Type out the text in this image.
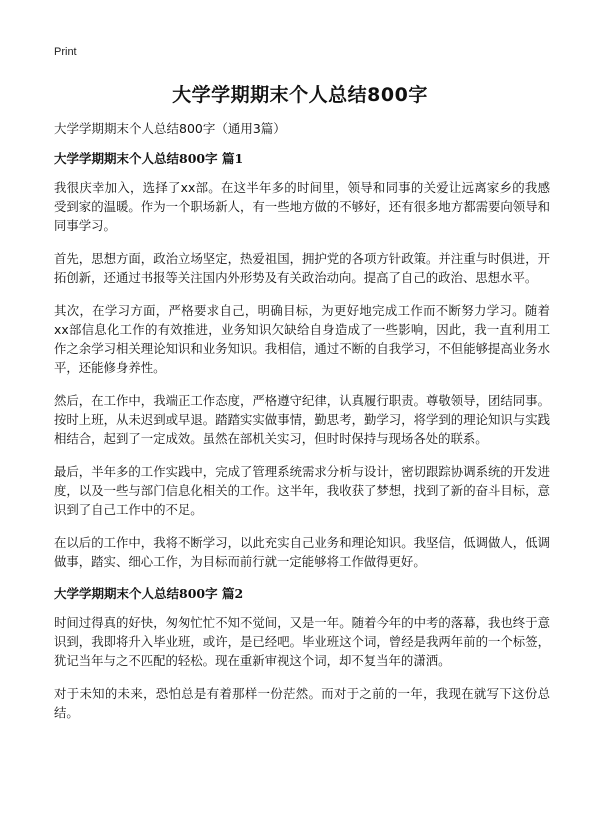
Print
大学学期期末个人总结800字

大学学期期末个人总结800字（通用3篇）

大学学期期末个人总结800字 篇1

我很庆幸加入，选择了xx部。在这半年多的时间里，领导和同事的关爱让远离家乡的我感受到家的温暖。作为一个职场新人，有一些地方做的不够好，还有很多地方都需要向领导和同事学习。

首先，思想方面，政治立场坚定，热爱祖国，拥护党的各项方针政策。并注重与时俱进，开拓创新，还通过书报等关注国内外形势及有关政治动向。提高了自己的政治、思想水平。

其次，在学习方面，严格要求自己，明确目标，为更好地完成工作而不断努力学习。随着xx部信息化工作的有效推进，业务知识欠缺给自身造成了一些影响，因此，我一直利用工作之余学习相关理论知识和业务知识。我相信，通过不断的自我学习，不但能够提高业务水平，还能修身养性。

然后，在工作中，我端正工作态度，严格遵守纪律，认真履行职责。尊敬领导，团结同事。按时上班，从未迟到或早退。踏踏实实做事情，勤思考，勤学习，将学到的理论知识与实践相结合，起到了一定成效。虽然在部机关实习，但时时保持与现场各处的联系。

最后，半年多的工作实践中，完成了管理系统需求分析与设计，密切跟踪协调系统的开发进度，以及一些与部门信息化相关的工作。这半年，我收获了梦想，找到了新的奋斗目标，意识到了自己工作中的不足。

在以后的工作中，我将不断学习，以此充实自己业务和理论知识。我坚信，低调做人，低调做事，踏实、细心工作，为目标而前行就一定能够将工作做得更好。

大学学期期末个人总结800字 篇2

时间过得真的好快，匆匆忙忙不知不觉间，又是一年。随着今年的中考的落幕，我也终于意识到，我即将升入毕业班，或许，是已经吧。毕业班这个词，曾经是我两年前的一个标签，犹记当年与之不匹配的轻松。现在重新审视这个词，却不复当年的潇洒。

对于未知的未来，恐怕总是有着那样一份茫然。而对于之前的一年，我现在就写下这份总结。
